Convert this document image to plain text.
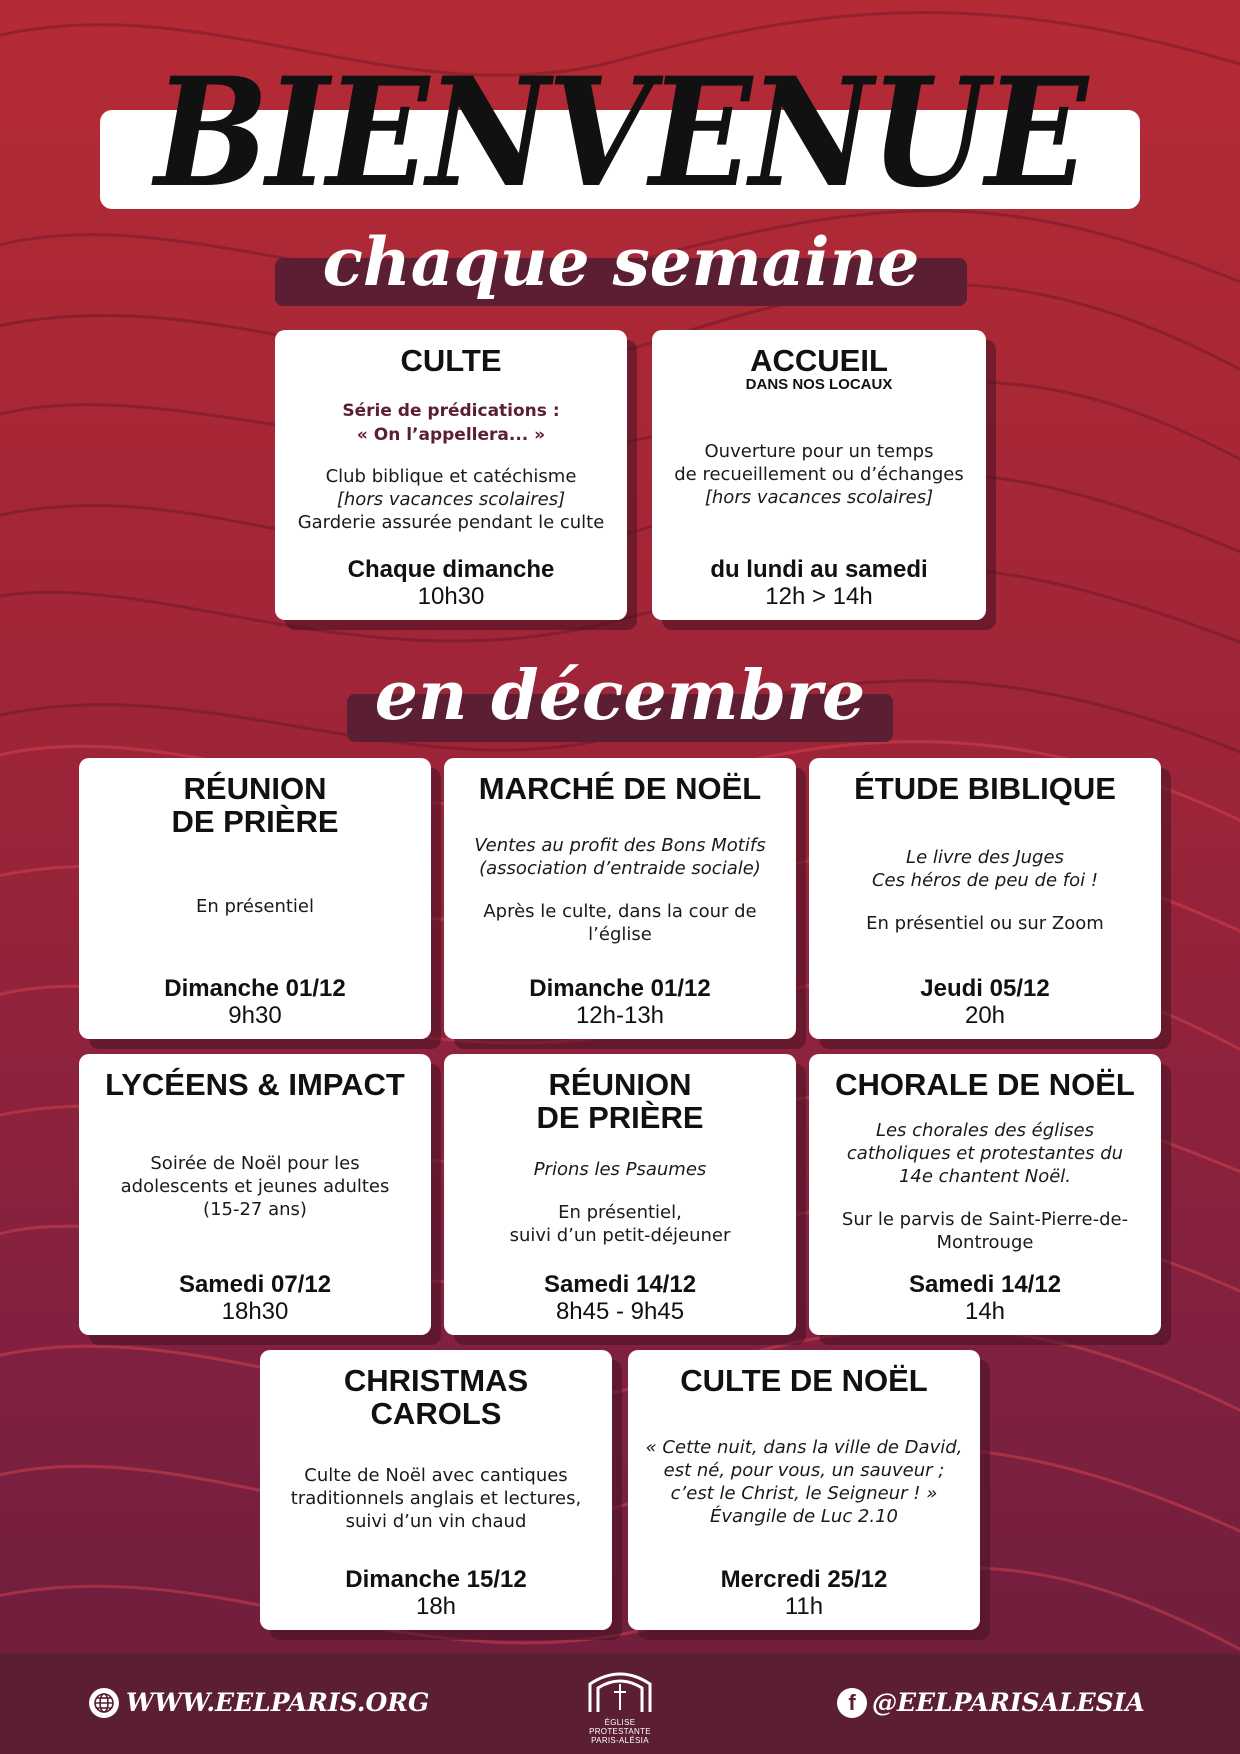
BIENVENUE
chaque semaine
CULTE
Série de prédications :
« On l’appellera... »
Club biblique et catéchisme
[hors vacances scolaires]
Garderie assurée pendant le culte
Chaque dimanche
10h30
ACCUEIL
DANS NOS LOCAUX
Ouverture pour un temps
de recueillement ou d’échanges
[hors vacances scolaires]
du lundi au samedi
12h > 14h
en décembre
RÉUNION
DE PRIÈRE
En présentiel
Dimanche 01/12
9h30
MARCHÉ DE NOËL
Ventes au profit des Bons Motifs
(association d’entraide sociale)
Après le culte, dans la cour de
l’église
Dimanche 01/12
12h-13h
ÉTUDE BIBLIQUE
Le livre des Juges
Ces héros de peu de foi !
En présentiel ou sur Zoom
Jeudi 05/12
20h
LYCÉENS & IMPACT
Soirée de Noël pour les
adolescents et jeunes adultes
(15-27 ans)
Samedi 07/12
18h30
RÉUNION
DE PRIÈRE
Prions les Psaumes
En présentiel,
suivi d’un petit-déjeuner
Samedi 14/12
8h45 - 9h45
CHORALE DE NOËL
Les chorales des églises
catholiques et protestantes du
14e chantent Noël.
Sur le parvis de Saint-Pierre-de-
Montrouge
Samedi 14/12
14h
CHRISTMAS
CAROLS
Culte de Noël avec cantiques
traditionnels anglais et lectures,
suivi d’un vin chaud
Dimanche 15/12
18h
CULTE DE NOËL
« Cette nuit, dans la ville de David,
est né, pour vous, un sauveur ;
c’est le Christ, le Seigneur ! »
Évangile de Luc 2.10
Mercredi 25/12
11h
WWW.EELPARIS.ORG
ÉGLISE
PROTESTANTE
PARIS-ALÉSIA
f @EELPARISALESIA
